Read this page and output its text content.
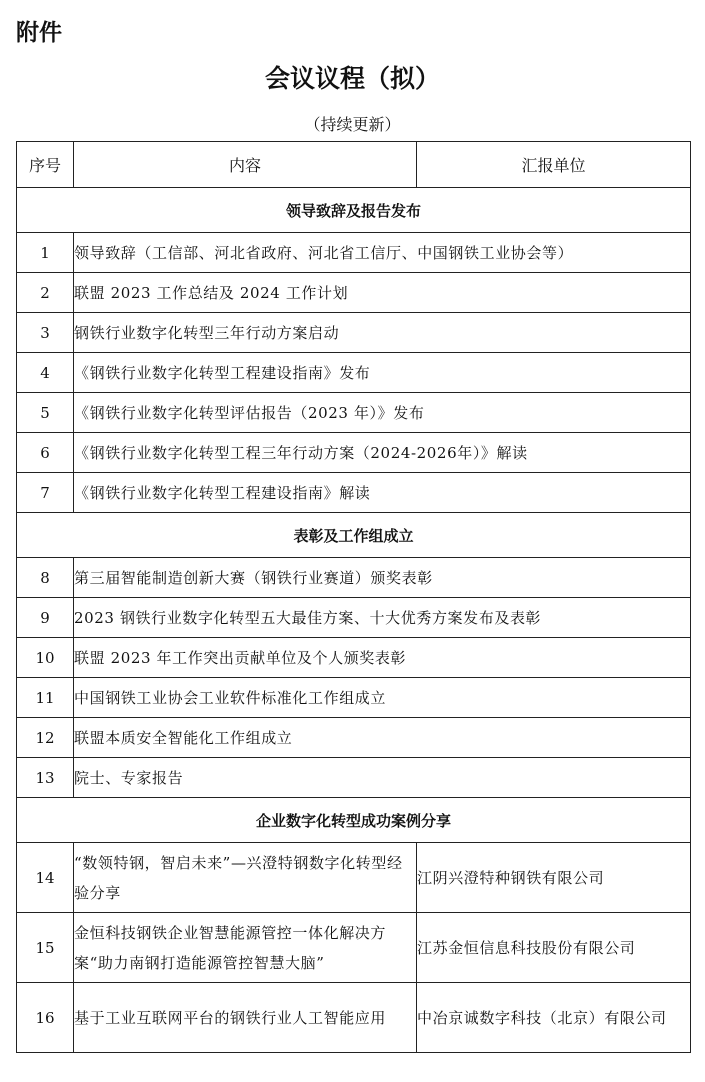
附件
会议议程（拟）
（持续更新）
序号	内容	汇报单位
领导致辞及报告发布		
1	领导致辞（工信部、河北省政府、河北省工信厅、中国钢铁工业协会等）	
2	联盟 2023 工作总结及 2024 工作计划	
3	钢铁行业数字化转型三年行动方案启动	
4	《钢铁行业数字化转型工程建设指南》发布	
5	《钢铁行业数字化转型评估报告（2023 年）》发布	
6	《钢铁行业数字化转型工程三年行动方案（2024-2026年）》解读	
7	《钢铁行业数字化转型工程建设指南》解读	
表彰及工作组成立		
8	第三届智能制造创新大赛（钢铁行业赛道）颁奖表彰	
9	2023 钢铁行业数字化转型五大最佳方案、十大优秀方案发布及表彰	
10	联盟 2023 年工作突出贡献单位及个人颁奖表彰	
11	中国钢铁工业协会工业软件标准化工作组成立	
12	联盟本质安全智能化工作组成立	
13	院士、专家报告	
企业数字化转型成功案例分享		
14	“数领特钢，智启未来”—兴澄特钢数字化转型经验分享	江阴兴澄特种钢铁有限公司
15	金恒科技钢铁企业智慧能源管控一体化解决方案“助力南钢打造能源管控智慧大脑”	江苏金恒信息科技股份有限公司
16	基于工业互联网平台的钢铁行业人工智能应用	中冶京诚数字科技（北京）有限公司
